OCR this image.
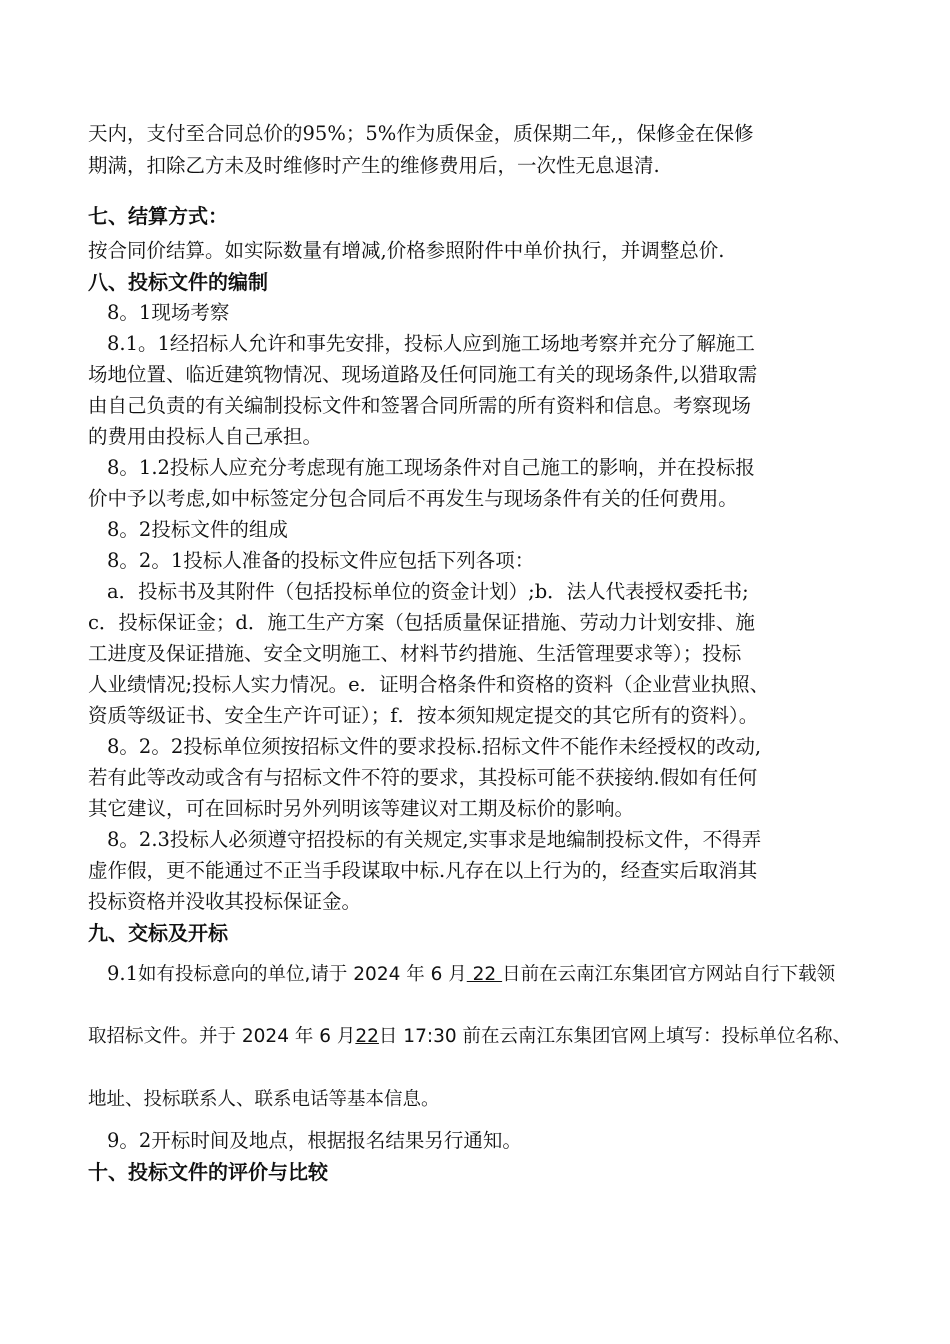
天内，支付至合同总价的95%；5%作为质保金，质保期二年,，保修金在保修
期满，扣除乙方未及时维修时产生的维修费用后，一次性无息退清.
七、结算方式：
按合同价结算。如实际数量有增减,价格参照附件中单价执行，并调整总价.
八、投标文件的编制
8。1现场考察
8.1。1经招标人允许和事先安排，投标人应到施工场地考察并充分了解施工
场地位置、临近建筑物情况、现场道路及任何同施工有关的现场条件,以猎取需
由自己负责的有关编制投标文件和签署合同所需的所有资料和信息。考察现场
的费用由投标人自己承担。
8。1.2投标人应充分考虑现有施工现场条件对自己施工的影响，并在投标报
价中予以考虑,如中标签定分包合同后不再发生与现场条件有关的任何费用。
8。2投标文件的组成
8。2。1投标人准备的投标文件应包括下列各项：
a．投标书及其附件（包括投标单位的资金计划）;b．法人代表授权委托书;
c．投标保证金；d．施工生产方案（包括质量保证措施、劳动力计划安排、施
工进度及保证措施、安全文明施工、材料节约措施、生活管理要求等）；投标
人业绩情况;投标人实力情况。e．证明合格条件和资格的资料（企业营业执照、
资质等级证书、安全生产许可证）；f．按本须知规定提交的其它所有的资料）。
8。2。2投标单位须按招标文件的要求投标.招标文件不能作未经授权的改动,
若有此等改动或含有与招标文件不符的要求，其投标可能不获接纳.假如有任何
其它建议，可在回标时另外列明该等建议对工期及标价的影响。
8。2.3投标人必须遵守招投标的有关规定,实事求是地编制投标文件，不得弄
虚作假，更不能通过不正当手段谋取中标.凡存在以上行为的，经查实后取消其
投标资格并没收其投标保证金。
九、交标及开标
9.1如有投标意向的单位,请于 2024 年 6 月 22 日前在云南江东集团官方网站自行下载领
取招标文件。并于 2024 年 6 月22日 17:30 前在云南江东集团官网上填写：投标单位名称、
地址、投标联系人、联系电话等基本信息。
9。2开标时间及地点，根据报名结果另行通知。
十、投标文件的评价与比较
